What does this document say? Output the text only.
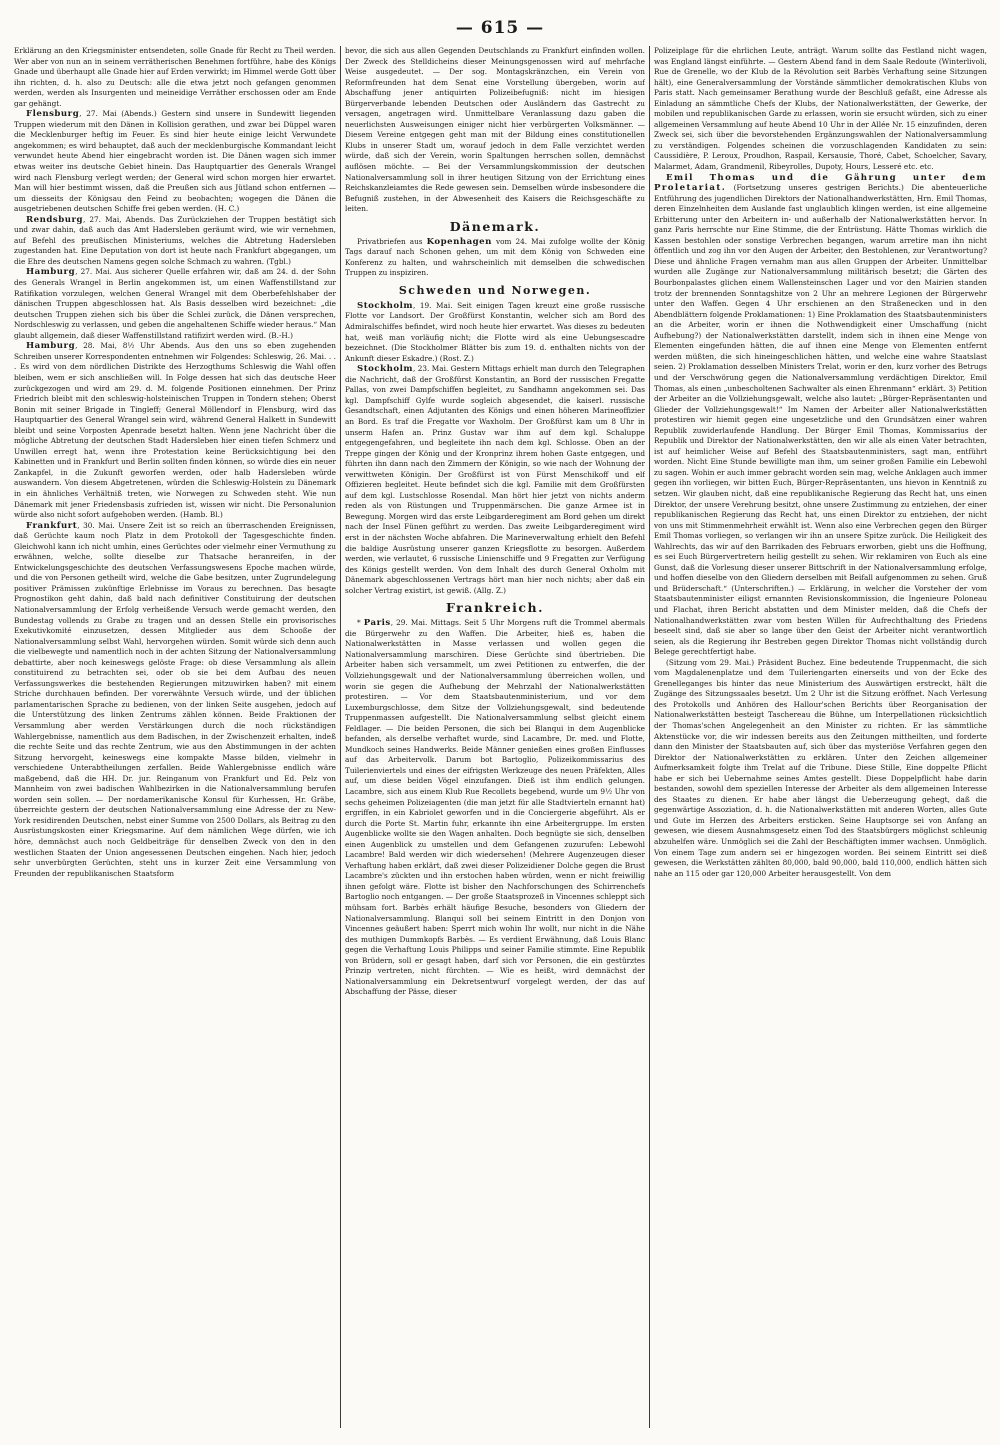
— 615 —

Erklärung an den Kriegsminister entsendeten, solle Gnade für Recht zu Theil werden. Wer aber von nun an in seinem verrätherischen Benehmen fortführe, habe des Königs Gnade und überhaupt alle Gnade hier auf Erden verwirkt; im Himmel werde Gott über ihn richten, d. h. also zu Deutsch: alle die etwa jetzt noch gefangen genommen werden, werden als Insurgenten und meineidige Verräther erschossen oder am Ende gar gehängt.

Flensburg, 27. Mai (Abends.) Gestern sind unsere in Sundewitt liegenden Truppen wiederum mit den Dänen in Kollision gerathen, und zwar bei Düppel waren die Mecklenburger heftig im Feuer. Es sind hier heute einige leicht Verwundete angekommen; es wird behauptet, daß auch der mecklenburgische Kommandant leicht verwundet heute Abend hier eingebracht worden ist. Die Dänen wagen sich immer etwas weiter ins deutsche Gebiet hinein. Das Hauptquartier des Generals Wrangel wird nach Flensburg verlegt werden; der General wird schon morgen hier erwartet. Man will hier bestimmt wissen, daß die Preußen sich aus Jütland schon entfernen — um diesseits der Königsau den Feind zu beobachten; wogegen die Dänen die ausgetriebenen deutschen Schiffe frei geben werden. (H. C.)

Rendsburg, 27. Mai, Abends. Das Zurückziehen der Truppen bestätigt sich und zwar dahin, daß auch das Amt Hadersleben geräumt wird, wie wir vernehmen, auf Befehl des preußischen Ministeriums, welches die Abtretung Hadersleben zugestanden hat. Eine Deputation von dort ist heute nach Frankfurt abgegangen, um die Ehre des deutschen Namens gegen solche Schmach zu wahren. (Tgbl.)

Hamburg, 27. Mai. Aus sicherer Quelle erfahren wir, daß am 24. d. der Sohn des Generals Wrangel in Berlin angekommen ist, um einen Waffenstillstand zur Ratifikation vorzulegen, welchen General Wrangel mit dem Oberbefehlshaber der dänischen Truppen abgeschlossen hat. Als Basis desselben wird bezeichnet: „die deutschen Truppen ziehen sich bis über die Schlei zurück, die Dänen versprechen, Nordschleswig zu verlassen, und geben die angehaltenen Schiffe wieder heraus.“ Man glaubt allgemein, daß dieser Waffenstillstand ratifizirt werden wird. (B.-H.)

Hamburg, 28. Mai, 8½ Uhr Abends. Aus den uns so eben zugehenden Schreiben unserer Korrespondenten entnehmen wir Folgendes: Schleswig, 26. Mai. . . . Es wird von dem nördlichen Distrikte des Herzogthums Schleswig die Wahl offen bleiben, wem er sich anschließen will. In Folge dessen hat sich das deutsche Heer zurückgezogen und wird am 29. d. M. folgende Positionen einnehmen. Der Prinz Friedrich bleibt mit den schleswig-holsteinischen Truppen in Tondern stehen; Oberst Bonin mit seiner Brigade in Tingleff; General Möllendorf in Flensburg, wird das Hauptquartier des General Wrangel sein wird, während General Halkett in Sundewitt bleibt und seine Vorposten Apenrade besetzt halten. Wenn jene Nachricht über die mögliche Abtretung der deutschen Stadt Hadersleben hier einen tiefen Schmerz und Unwillen erregt hat, wenn ihre Protestation keine Berücksichtigung bei den Kabinetten und in Frankfurt und Berlin sollten finden können, so würde dies ein neuer Zankapfel, in die Zukunft geworfen werden, oder halb Hadersleben würde auswandern. Von diesem Abgetretenen, würden die Schleswig-Holstein zu Dänemark in ein ähnliches Verhältniß treten, wie Norwegen zu Schweden steht. Wie nun Dänemark mit jener Friedensbasis zufrieden ist, wissen wir nicht. Die Personalunion würde also nicht sofort aufgehoben werden. (Hamb. Bl.)

Frankfurt, 30. Mai. Unsere Zeit ist so reich an überraschenden Ereignissen, daß Gerüchte kaum noch Platz in dem Protokoll der Tagesgeschichte finden. Gleichwohl kann ich nicht umhin, eines Gerüchtes oder vielmehr einer Vermuthung zu erwähnen, welche, sollte dieselbe zur Thatsache heranreifen, in der Entwickelungsgeschichte des deutschen Verfassungswesens Epoche machen würde, und die von Personen getheilt wird, welche die Gabe besitzen, unter Zugrundelegung positiver Prämissen zukünftige Erlebnisse im Voraus zu berechnen. Das besagte Prognostikon geht dahin, daß bald nach definitiver Constituirung der deutschen Nationalversammlung der Erfolg verheißende Versuch werde gemacht werden, den Bundestag vollends zu Grabe zu tragen und an dessen Stelle ein provisorisches Exekutivkomité einzusetzen, dessen Mitglieder aus dem Schooße der Nationalversammlung selbst Wahl, hervorgehen würden. Somit würde sich denn auch die vielbewegte und namentlich noch in der achten Sitzung der Nationalversammlung debattirte, aber noch keineswegs gelöste Frage: ob diese Versammlung als allein constituirend zu betrachten sei, oder ob sie bei dem Aufbau des neuen Verfassungswerkes die bestehenden Regierungen mitzuwirken haben? mit einem Striche durchhauen befinden. Der vorerwähnte Versuch würde, und der üblichen parlamentarischen Sprache zu bedienen, von der linken Seite ausgehen, jedoch auf die Unterstützung des linken Zentrums zählen können. Beide Fraktionen der Versammlung aber werden Verstärkungen durch die noch rückständigen Wahlergebnisse, namentlich aus dem Badischen, in der Zwischenzeit erhalten, indeß die rechte Seite und das rechte Zentrum, wie aus den Abstimmungen in der achten Sitzung hervorgeht, keineswegs eine kompakte Masse bilden, vielmehr in verschiedene Unterabtheilungen zerfallen. Beide Wahlergebnisse endlich wäre maßgebend, daß die HH. Dr. jur. Reinganum von Frankfurt und Ed. Pelz von Mannheim von zwei badischen Wahlbezirken in die Nationalversammlung berufen worden sein sollen. — Der nordamerikanische Konsul für Kurhessen, Hr. Gräbe, überreichte gestern der deutschen Nationalversammlung eine Adresse der zu New-York residirenden Deutschen, nebst einer Summe von 2500 Dollars, als Beitrag zu den Ausrüstungskosten einer Kriegsmarine. Auf dem nämlichen Wege dürfen, wie ich höre, demnächst auch noch Geldbeiträge für denselben Zweck von den in den westlichen Staaten der Union angesessenen Deutschen eingehen. Nach hier, jedoch sehr unverbürgten Gerüchten, steht uns in kurzer Zeit eine Versammlung von Freunden der republikanischen Staatsform

bevor, die sich aus allen Gegenden Deutschlands zu Frankfurt einfinden wollen. Der Zweck des Stelldicheins dieser Meinungsgenossen wird auf mehrfache Weise ausgedeutet. — Der sog. Montagskränzchen, ein Verein von Reformfreunden hat dem Senat eine Vorstellung übergeben, worin auf Abschaffung jener antiquirten Polizeibefugniß: nicht im hiesigen Bürgerverbande lebenden Deutschen oder Ausländern das Gastrecht zu versagen, angetragen wird. Unmittelbare Veranlassung dazu gaben die neuerlichsten Ausweisungen einiger nicht hier verbürgerten Volksmänner. — Diesem Vereine entgegen geht man mit der Bildung eines constitutionellen Klubs in unserer Stadt um, worauf jedoch in dem Falle verzichtet werden würde, daß sich der Verein, worin Spaltungen herrschen sollen, demnächst auflösen möchte. — Bei der Versammlungskommission der deutschen Nationalversammlung soll in ihrer heutigen Sitzung von der Errichtung eines Reichskanzleiamtes die Rede gewesen sein. Demselben würde insbesondere die Befugniß zustehen, in der Abwesenheit des Kaisers die Reichsgeschäfte zu leiten.

Dänemark.

Privatbriefen aus Kopenhagen vom 24. Mai zufolge wollte der König Tags darauf nach Schonen gehen, um mit dem König von Schweden eine Konferenz zu halten, und wahrscheinlich mit demselben die schwedischen Truppen zu inspiziren.

Schweden und Norwegen.

Stockholm, 19. Mai. Seit einigen Tagen kreuzt eine große russische Flotte vor Landsort. Der Großfürst Konstantin, welcher sich am Bord des Admiralschiffes befindet, wird noch heute hier erwartet. Was dieses zu bedeuten hat, weiß man vorläufig nicht; die Flotte wird als eine Uebungsescadre bezeichnet. (Die Stockholmer Blätter bis zum 19. d. enthalten nichts von der Ankunft dieser Eskadre.) (Rost. Z.)

Stockholm, 23. Mai. Gestern Mittags erhielt man durch den Telegraphen die Nachricht, daß der Großfürst Konstantin, an Bord der russischen Fregatte Pallas, von zwei Dampfschiffen begleitet, zu Sandhamn angekommen sei. Das kgl. Dampfschiff Gylfe wurde sogleich abgesendet, die kaiserl. russische Gesandtschaft, einen Adjutanten des Königs und einen höheren Marineoffizier an Bord. Es traf die Fregatte vor Waxholm. Der Großfürst kam um 8 Uhr in unserm Hafen an. Prinz Gustav war ihm auf dem kgl. Schaluppe entgegengefahren, und begleitete ihn nach dem kgl. Schlosse. Oben an der Treppe gingen der König und der Kronprinz ihrem hohen Gaste entgegen, und führten ihn dann nach den Zimmern der Königin, so wie nach der Wohnung der verwittweten Königin. Der Großfürst ist von Fürst Menschikoff und elf Offizieren begleitet. Heute befindet sich die kgl. Familie mit dem Großfürsten auf dem kgl. Lustschlosse Rosendal. Man hört hier jetzt von nichts anderm reden als von Rüstungen und Truppenmärschen. Die ganze Armee ist in Bewegung. Morgen wird das erste Leibgarderegiment am Bord gehen um direkt nach der Insel Fünen geführt zu werden. Das zweite Leibgarderegiment wird erst in der nächsten Woche abfahren. Die Marineverwaltung erhielt den Befehl die baldige Ausrüstung unserer ganzen Kriegsflotte zu besorgen. Außerdem werden, wie verlautet, 6 russische Linienschiffe und 9 Fregatten zur Verfügung des Königs gestellt werden. Von dem Inhalt des durch General Oxholm mit Dänemark abgeschlossenen Vertrags hört man hier noch nichts; aber daß ein solcher Vertrag existirt, ist gewiß. (Allg. Z.)

Frankreich.

* Paris, 29. Mai. Mittags. Seit 5 Uhr Morgens ruft die Trommel abermals die Bürgerwehr zu den Waffen. Die Arbeiter, hieß es, haben die Nationalwerkstätten in Masse verlassen und wollen gegen die Nationalversammlung marschiren. Diese Gerüchte sind übertrieben. Die Arbeiter haben sich versammelt, um zwei Petitionen zu entwerfen, die der Vollziehungsgewalt und der Nationalversammlung überreichen wollen, und worin sie gegen die Aufhebung der Mehrzahl der Nationalwerkstätten protestiren. — Vor dem Staatsbautenministerium, und vor dem Luxemburgschlosse, dem Sitze der Vollziehungsgewalt, sind bedeutende Truppenmassen aufgestellt. Die Nationalversammlung selbst gleicht einem Feldlager. — Die beiden Personen, die sich bei Blanqui in dem Augenblicke befanden, als derselbe verhaftet wurde, sind Lacambre, Dr. med. und Flotte, Mundkoch seines Handwerks. Beide Männer genießen eines großen Einflusses auf das Arbeitervolk. Darum bot Bartoglio, Polizeikommissarius des Tuilerienviertels und eines der eifrigsten Werkzeuge des neuen Präfekten, Alles auf, um diese beiden Vögel einzufangen. Dieß ist ihm endlich gelungen. Lacambre, sich aus einem Klub Rue Recollets begebend, wurde um 9½ Uhr von sechs geheimen Polizeiagenten (die man jetzt für alle Stadtvierteln ernannt hat) ergriffen, in ein Kabriolet geworfen und in die Conciergerie abgeführt. Als er durch die Porte St. Martin fuhr, erkannte ihn eine Arbeitergruppe. Im ersten Augenblicke wollte sie den Wagen anhalten. Doch begnügte sie sich, denselben einen Augenblick zu umstellen und dem Gefangenen zuzurufen: Lebewohl Lacambre! Bald werden wir dich wiedersehen! (Mehrere Augenzeugen dieser Verhaftung haben erklärt, daß zwei dieser Polizeidiener Dolche gegen die Brust Lacambre's zückten und ihn erstochen haben würden, wenn er nicht freiwillig ihnen gefolgt wäre. Flotte ist bisher den Nachforschungen des Schirrenchefs Bartoglio noch entgangen. — Der große Staatsprozeß in Vincennes schleppt sich mühsam fort. Barbès erhält häufige Besuche, besonders von Gliedern der Nationalversammlung. Blanqui soll bei seinem Eintritt in den Donjon von Vincennes geäußert haben: Sperrt mich wohin Ihr wollt, nur nicht in die Nähe des muthigen Dummkopfs Barbès. — Es verdient Erwähnung, daß Louis Blanc gegen die Verhaftung Louis Philipps und seiner Familie stimmte. Eine Republik von Brüdern, soll er gesagt haben, darf sich vor Personen, die ein gestürztes Prinzip vertreten, nicht fürchten. — Wie es heißt, wird demnächst der Nationalversammlung ein Dekretsentwurf vorgelegt werden, der das auf Abschaffung der Pässe, dieser

Polizeiplage für die ehrlichen Leute, anträgt. Warum sollte das Festland nicht wagen, was England längst einführte. — Gestern Abend fand in dem Saale Redoute (Winterlivoli, Rue de Grenelle, wo der Klub de la Révolution seit Barbès Verhaftung seine Sitzungen hält), eine Generalversammlung der Vorstände sämmtlicher demokratischen Klubs von Paris statt. Nach gemeinsamer Berathung wurde der Beschluß gefaßt, eine Adresse als Einladung an sämmtliche Chefs der Klubs, der Nationalwerkstätten, der Gewerke, der mobilen und republikanischen Garde zu erlassen, worin sie ersucht würden, sich zu einer allgemeinen Versammlung auf heute Abend 10 Uhr in der Allée Nr. 15 einzufinden, deren Zweck sei, sich über die bevorstehenden Ergänzungswahlen der Nationalversammlung zu verständigen. Folgendes scheinen die vorzuschlagenden Kandidaten zu sein: Caussidière, P. Leroux, Proudhon, Raspail, Kersausie, Thoré, Cabet, Schoelcher, Savary, Malarmet, Adam, Grandmenil, Ribeyrolles, Dupoty, Hours, Lesseré etc. etc.

Emil Thomas und die Gährung unter dem Proletariat. (Fortsetzung unseres gestrigen Berichts.) Die abenteuerliche Entführung des jugendlichen Direktors der Nationalhandwerkstätten, Hrn. Emil Thomas, deren Einzelnheiten dem Auslande fast unglaublich klingen werden, ist eine allgemeine Erbitterung unter den Arbeitern in- und außerhalb der Nationalwerkstätten hervor. In ganz Paris herrschte nur Eine Stimme, die der Entrüstung. Hätte Thomas wirklich die Kassen bestohlen oder sonstige Verbrechen begangen, warum arretire man ihn nicht öffentlich und zog ihn vor den Augen der Arbeiter, den Bestohlenen, zur Verantwortung? Diese und ähnliche Fragen vernahm man aus allen Gruppen der Arbeiter. Unmittelbar wurden alle Zugänge zur Nationalversammlung militärisch besetzt; die Gärten des Bourbonpalastes glichen einem Wallensteinschen Lager und vor den Mairien standen trotz der brennenden Sonntagshitze von 2 Uhr an mehrere Legionen der Bürgerwehr unter den Waffen. Gegen 4 Uhr erschienen an den Straßenecken und in den Abendblättern folgende Proklamationen: 1) Eine Proklamation des Staatsbautenministers an die Arbeiter, worin er ihnen die Nothwendigkeit einer Umschaffung (nicht Aufhebung?) der Nationalwerkstätten darstellt, indem sich in ihnen eine Menge von Elementen eingefunden hätten, die auf ihnen eine Menge von Elementen entfernt werden müßten, die sich hineingeschlichen hätten, und welche eine wahre Staatslast seien. 2) Proklamation desselben Ministers Trelat, worin er den, kurz vorher des Betrugs und der Verschwörung gegen die Nationalversammlung verdächtigen Direktor, Emil Thomas, als einen „unbescholtenen Sachwalter als einen Ehrenmann“ erklärt. 3) Petition der Arbeiter an die Vollziehungsgewalt, welche also lautet: „Bürger-Repräsentanten und Glieder der Vollziehungsgewalt!“ Im Namen der Arbeiter aller Nationalwerkstätten protestiren wir hiemit gegen eine ungesetzliche und den Grundsätzen einer wahren Republik zuwiderlaufende Handlung. Der Bürger Emil Thomas, Kommissarius der Republik und Direktor der Nationalwerkstätten, den wir alle als einen Vater betrachten, ist auf heimlicher Weise auf Befehl des Staatsbautenministers, sagt man, entführt worden. Nicht Eine Stunde bewilligte man ihm, um seiner großen Familie ein Lebewohl zu sagen. Wohin er auch immer gebracht worden sein mag, welche Anklagen auch immer gegen ihn vorliegen, wir bitten Euch, Bürger-Repräsentanten, uns hievon in Kenntniß zu setzen. Wir glauben nicht, daß eine republikanische Regierung das Recht hat, uns einen Direktor, der unsere Verehrung besitzt, ohne unsere Zustimmung zu entziehen, der einer republikanischen Regierung das Recht hat, uns einen Direktor zu entziehen, der nicht von uns mit Stimmenmehrheit erwählt ist. Wenn also eine Verbrechen gegen den Bürger Emil Thomas vorliegen, so verlangen wir ihn an unsere Spitze zurück. Die Heiligkeit des Wahlrechts, das wir auf den Barrikaden des Februars erworben, giebt uns die Hoffnung, es sei Euch Bürgervertretern heilig gestellt zu sehen. Wir reklamiren von Euch als eine Gunst, daß die Vorlesung dieser unserer Bittschrift in der Nationalversammlung erfolge, und hoffen dieselbe von den Gliedern derselben mit Beifall aufgenommen zu sehen. Gruß und Brüderschaft.“ (Unterschriften.) — Erklärung, in welcher die Vorsteher der vom Staatsbautenminister eiligst ernannten Revisionskommission, die Ingenieure Poloneau und Flachat, ihren Bericht abstatten und dem Minister melden, daß die Chefs der Nationalhandwerkstätten zwar vom besten Willen für Aufrechthaltung des Friedens beseelt sind, daß sie aber so lange über den Geist der Arbeiter nicht verantwortlich seien, als die Regierung ihr Bestreben gegen Direktor Thomas nicht vollständig durch Belege gerechtfertigt habe.

(Sitzung vom 29. Mai.) Präsident Buchez. Eine bedeutende Truppenmacht, die sich vom Magdalenenplatze und dem Tuileriengarten einerseits und von der Ecke des Grenelleganges bis hinter das neue Ministerium des Auswärtigen erstreckt, hält die Zugänge des Sitzungssaales besetzt. Um 2 Uhr ist die Sitzung eröffnet. Nach Verlesung des Protokolls und Anhören des Hallour'schen Berichts über Reorganisation der Nationalwerkstätten besteigt Taschereau die Bühne, um Interpellationen rücksichtlich der Thomas'schen Angelegenheit an den Minister zu richten. Er las sämmtliche Aktenstücke vor, die wir indessen bereits aus den Zeitungen mittheilten, und forderte dann den Minister der Staatsbauten auf, sich über das mysteriöse Verfahren gegen den Direktor der Nationalwerkstätten zu erklären. Unter den Zeichen allgemeiner Aufmerksamkeit folgte ihm Trelat auf die Tribune. Diese Stille, Eine doppelte Pflicht habe er sich bei Uebernahme seines Amtes gestellt. Diese Doppelpflicht habe darin bestanden, sowohl dem speziellen Interesse der Arbeiter als dem allgemeinen Interesse des Staates zu dienen. Er habe aber längst die Ueberzeugung gehegt, daß die gegenwärtige Assoziation, d. h. die Nationalwerkstätten mit anderen Worten, alles Gute und Gute im Herzen des Arbeiters ersticken. Seine Hauptsorge sei von Anfang an gewesen, wie diesem Ausnahmsgesetz einen Tod des Staatsbürgers möglichst schleunig abzuhelfen wäre. Unmöglich sei die Zahl der Beschäftigten immer wachsen. Unmöglich. Von einem Tage zum andern sei er hingezogen worden. Bei seinem Eintritt sei dieß gewesen, die Werkstätten zählten 80,000, bald 90,000, bald 110,000, endlich hätten sich nahe an 115 oder gar 120,000 Arbeiter herausgestellt. Von dem
